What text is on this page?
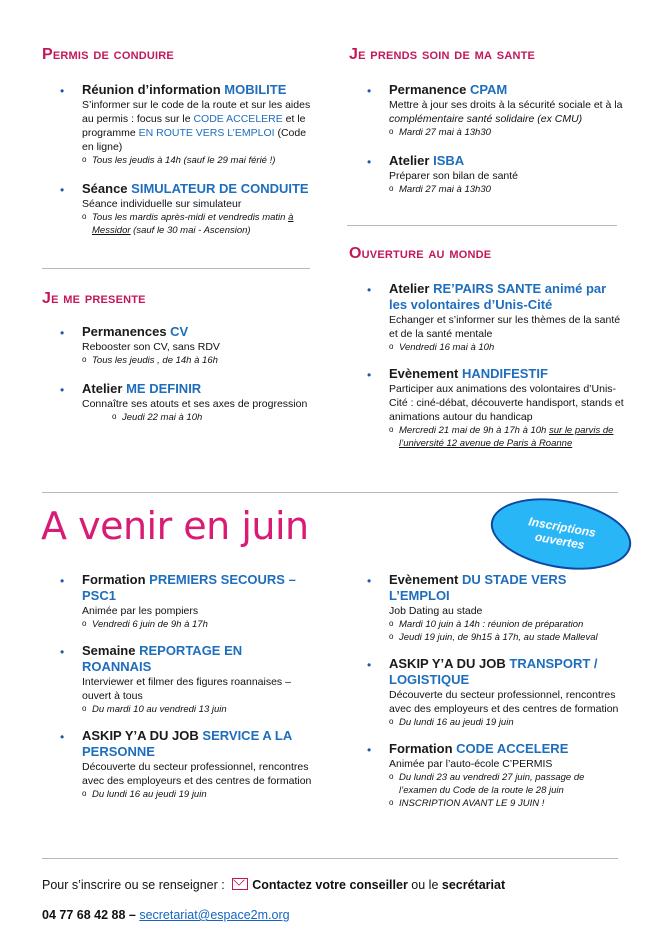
Permis de conduire
• Réunion d’information MOBILITE
S’informer sur le code de la route et sur les aides au permis : focus sur le CODE ACCELERE et le programme EN ROUTE VERS L’EMPLOI (Code en ligne)
o Tous les jeudis à 14h (sauf le 29 mai férié !)
• Séance SIMULATEUR DE CONDUITE
Séance individuelle sur simulateur
o Tous les mardis après-midi et vendredis matin à Messidor (sauf le 30 mai - Ascension)
Je me presente
• Permanences CV
Rebooster son CV, sans RDV
o Tous les jeudis , de 14h à 16h
• Atelier ME DEFINIR
Connaître ses atouts et ses axes de progression
o Jeudi 22 mai à 10h
Je prends soin de ma sante
• Permanence CPAM
Mettre à jour ses droits à la sécurité sociale et à la complémentaire santé solidaire (ex CMU)
o Mardi 27 mai à 13h30
• Atelier ISBA
Préparer son bilan de santé
o Mardi 27 mai à 13h30
Ouverture au monde
• Atelier RE’PAIRS SANTE animé par les volontaires d’Unis-Cité
Echanger et s’informer sur les thèmes de la santé et de la santé mentale
o Vendredi 16 mai à 10h
• Evènement HANDIFESTIF
Participer aux animations des volontaires d’Unis-Cité : ciné-débat, découverte handisport, stands et animations autour du handicap
o Mercredi 21 mai de 9h à 17h à 10h sur le parvis de l’université 12 avenue de Paris à Roanne
A venir en juin	Inscriptions ouvertes
• Formation PREMIERS SECOURS – PSC1
Animée par les pompiers
o Vendredi 6 juin de 9h à 17h
• Semaine REPORTAGE EN ROANNAIS
Interviewer et filmer des figures roannaises – ouvert à tous
o Du mardi 10 au vendredi 13 juin
• ASKIP Y’A DU JOB SERVICE A LA PERSONNE
Découverte du secteur professionnel, rencontres avec des employeurs et des centres de formation
o Du lundi 16 au jeudi 19 juin
• Evènement DU STADE VERS L’EMPLOI
Job Dating au stade
o Mardi 10 juin à 14h : réunion de préparation
o Jeudi 19 juin, de 9h15 à 17h, au stade Malleval
• ASKIP Y’A DU JOB TRANSPORT / LOGISTIQUE
Découverte du secteur professionnel, rencontres avec des employeurs et des centres de formation
o Du lundi 16 au jeudi 19 juin
• Formation CODE ACCELERE
Animée par l’auto-école C’PERMIS
o Du lundi 23 au vendredi 27 juin, passage de l’examen du Code de la route le 28 juin
o INSCRIPTION AVANT LE 9 JUIN !
Pour s’inscrire ou se renseigner : Contactez votre conseiller ou le secrétariat
04 77 68 42 88 – secretariat@espace2m.org
